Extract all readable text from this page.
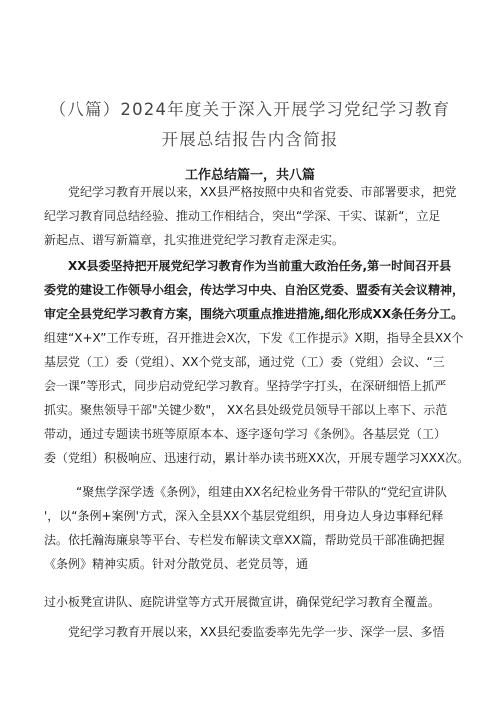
（八篇）2024年度关于深入开展学习党纪学习教育
开展总结报告内含简报
工作总结篇一，共八篇
党纪学习教育开展以来，XX县严格按照中央和省党委、市部署要求，把党
纪学习教育同总结经验、推动工作相结合，突出“学深、干实、谋新“，立足
新起点、谱写新篇章，扎实推进党纪学习教育走深走实。
XX县委坚持把开展党纪学习教育作为当前重大政治任务,第一时间召开县
委党的建设工作领导小组会，传达学习中央、自治区党委、盟委有关会议精神，
审定全县党纪学习教育方案，围绕六项重点推进措施,细化形成XX条任务分工。
组建“X+X”工作专班，召开推进会X次，下发《工作提示》X期，指导全县XX个
基层党（工）委（党组）、XX个党支部，通过党（工）委（党组）会议、“三
会一课”等形式，同步启动党纪学习教育。坚持学字打头，在深研细悟上抓严
抓实。聚焦领导干部"关键少数"， XX名县处级党员领导干部以上率下、示范
带动，通过专题读书班等原原本本、逐字逐句学习《条例》。各基层党（工）
委（党组）积极响应、迅速行动，累计举办读书班XX次，开展专题学习XXX次。
“聚焦学深学透《条例》，组建由XX名纪检业务骨干带队的“党纪宣讲队
'，以“条例+案例'方式，深入全县XX个基层党组织，用身边人身边事释纪释
法。依托瀚海廉泉等平台、专栏发布解读文章XX篇，帮助党员干部准确把握
《条例》精神实质。针对分散党员、老党员等，通
过小板凳宣讲队、庭院讲堂等方式开展微宣讲，确保党纪学习教育全覆盖。
党纪学习教育开展以来，XX县纪委监委率先先学一步、深学一层、多悟
